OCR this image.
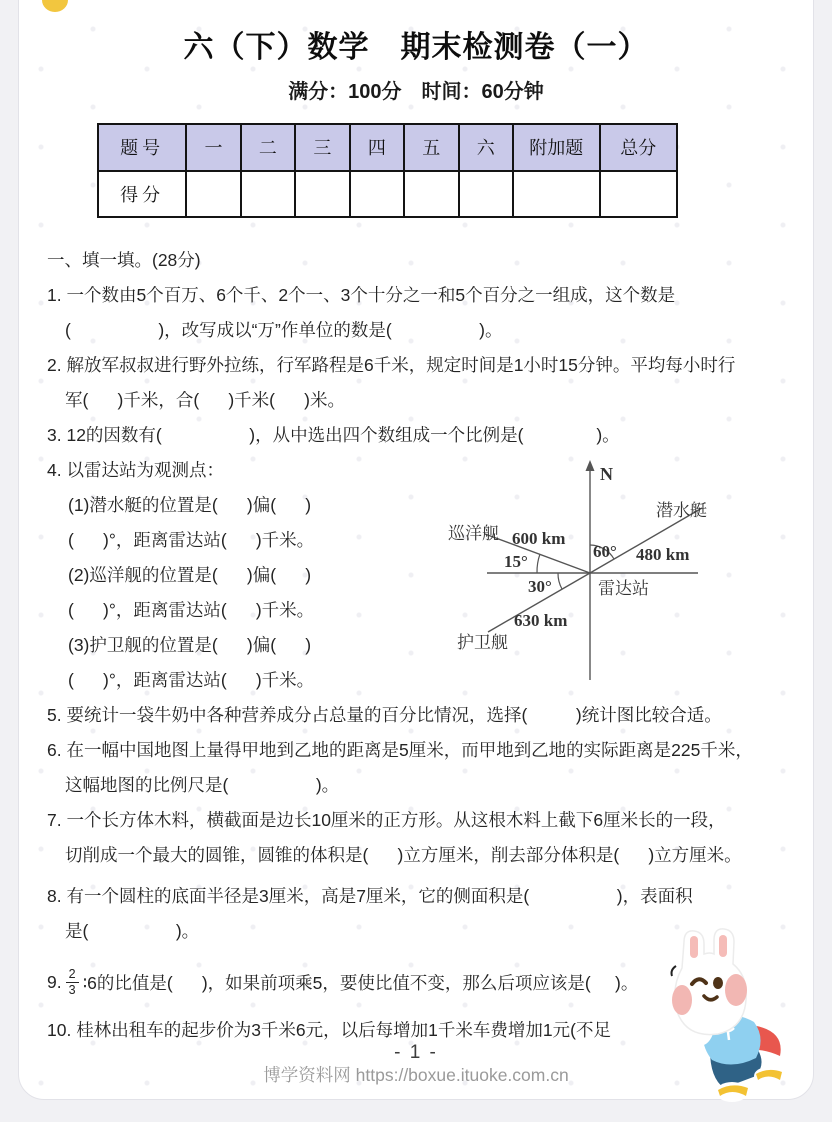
六（下）数学　期末检测卷（一）
满分：100分　时间：60分钟
题号	一	二	三	四	五	六	附加题	总分
得分								
一、填一填。(28分)
1. 一个数由5个百万、6个千、2个一、3个十分之一和5个百分之一组成，这个数是
(                  )，改写成以“万”作单位的数是(                  )。
2. 解放军叔叔进行野外拉练，行军路程是6千米，规定时间是1小时15分钟。平均每小时行
军(      )千米，合(      )千米(      )米。
3. 12的因数有(                  )，从中选出四个数组成一个比例是(               )。
4. 以雷达站为观测点：
(1)潜水艇的位置是(      )偏(      )
(      )°，距离雷达站(      )千米。
(2)巡洋舰的位置是(      )偏(      )
(      )°，距离雷达站(      )千米。
(3)护卫舰的位置是(      )偏(      )
(      )°，距离雷达站(      )千米。
N
潜水艇
480 km
60°
巡洋舰 600 km
15°
30°	雷达站
630 km
护卫舰
5. 要统计一袋牛奶中各种营养成分占总量的百分比情况，选择(          )统计图比较合适。
6. 在一幅中国地图上量得甲地到乙地的距离是5厘米，而甲地到乙地的实际距离是225千米，
这幅地图的比例尺是(                  )。
7. 一个长方体木料，横截面是边长10厘米的正方形。从这根木料上截下6厘米长的一段，
切削成一个最大的圆锥，圆锥的体积是(      )立方厘米，削去部分体积是(      )立方厘米。
8. 有一个圆柱的底面半径是3厘米，高是7厘米，它的侧面积是(                  )，表面积
是(                  )。
9. $\frac{2}{3}$ ∶6的比值是(      )，如果前项乘5，要使比值不变，那么后项应该是(     )。
10. 桂林出租车的起步价为3千米6元，以后每增加1千米车费增加1元(不足
- 1 -
博学资料网 https://boxue.ituoke.com.cn
